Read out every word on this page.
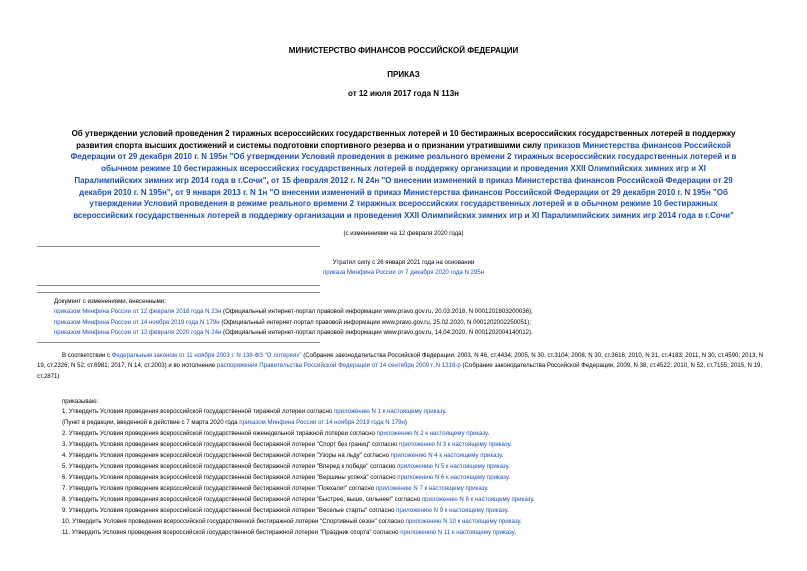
МИНИСТЕРСТВО ФИНАНСОВ РОССИЙСКОЙ ФЕДЕРАЦИИ
ПРИКАЗ
от 12 июля 2017 года N 113н
Об утверждении условий проведения 2 тиражных всероссийских государственных лотерей и 10 бестиражных всероссийских государственных лотерей в поддержку развития спорта высших достижений и системы подготовки спортивного резерва и о признании утратившими силу приказов Министерства финансов Российской Федерации от 29 декабря 2010 г. N 195н "Об утверждении Условий проведения в режиме реального времени 2 тиражных всероссийских государственных лотерей и в обычном режиме 10 бестиражных всероссийских государственных лотерей в поддержку организации и проведения XXII Олимпийских зимних игр и XI Паралимпийских зимних игр 2014 года в г.Сочи", от 15 февраля 2012 г. N 24н "О внесении изменений в приказ Министерства финансов Российской Федерации от 29 декабря 2010 г. N 195н", от 9 января 2013 г. N 1н "О внесении изменений в приказ Министерства финансов Российской Федерации от 29 декабря 2010 г. N 195н "Об утверждении Условий проведения в режиме реального времени 2 тиражных всероссийских государственных лотерей и в обычном режиме 10 бестиражных всероссийских государственных лотерей в поддержку организации и проведения XXII Олимпийских зимних игр и XI Паралимпийских зимних игр 2014 года в г.Сочи"
(с изменениями на 12 февраля 2020 года)
Утратил силу с 26 января 2021 года на основании
приказа Минфина России от 7 декабря 2020 года N 295н
Документ с изменениями, внесенными:
приказом Минфина России от 12 февраля 2018 года N 23н (Официальный интернет-портал правовой информации www.pravo.gov.ru, 20.03.2018, N 0001201803200036);
приказом Минфина России от 14 ноября 2019 года N 179н (Официальный интернет-портал правовой информации www.pravo.gov.ru, 25.02.2020, N 0001202002250051);
приказом Минфина России от 12 февраля 2020 года N 24н (Официальный интернет-портал правовой информации www.pravo.gov.ru, 14.04.2020, N 0001202004140012).
В соответствии с Федеральным законом от 11 ноября 2003 г. N 138-ФЗ "О лотереях" (Собрание законодательства Российской Федерации, 2003, N 46, ст.4434; 2005, N 30, ст.3104; 2008, N 30, ст.3616; 2010, N 31, ст.4183; 2011, N 30, ст.4590; 2013, N 19, ст.2326; N 52, ст.6981; 2017, N 14, ст.2003) и во исполнение распоряжения Правительства Российской Федерации от 14 сентября 2009 г. N 1318-р (Собрание законодательства Российской Федерации, 2009, N 38, ст.4522; 2010, N 52, ст.7155; 2015, N 19, ст.2871)
приказываю:
1. Утвердить Условия проведения всероссийской государственной тиражной лотереи согласно приложению N 1 к настоящему приказу.
(Пункт в редакции, введенной в действие с 7 марта 2020 года приказом Минфина России от 14 ноября 2019 года N 179н)
2. Утвердить Условия проведения всероссийской государственной еженедельной тиражной лотереи согласно приложению N 2 к настоящему приказу.
3. Утвердить Условия проведения всероссийской государственной бестиражной лотереи "Спорт без границ" согласно приложению N 3 к настоящему приказу.
4. Утвердить Условия проведения всероссийской государственной бестиражной лотереи "Узоры на льду" согласно приложению N 4 к настоящему приказу.
5. Утвердить Условия проведения всероссийской государственной бестиражной лотереи "Вперед к победе" согласно приложению N 5 к настоящему приказу.
6. Утвердить Условия проведения всероссийской государственной бестиражной лотереи "Вершины успеха" согласно приложению N 6 к настоящему приказу.
7. Утвердить Условия проведения всероссийской государственной бестиражной лотереи "Поехали!" согласно приложению N 7 к настоящему приказу.
8. Утвердить Условия проведения всероссийской государственной бестиражной лотереи "Быстрее, выше, сильнее!" согласно приложению N 8 к настоящему приказу.
9. Утвердить Условия проведения всероссийской государственной бестиражной лотереи "Веселые старты" согласно приложению N 9 к настоящему приказу.
10. Утвердить Условия проведения всероссийской государственной бестиражной лотереи "Спортивный сезон" согласно приложению N 10 к настоящему приказу.
11. Утвердить Условия проведения всероссийской государственной бестиражной лотереи "Праздник спорта" согласно приложению N 11 к настоящему приказу.
